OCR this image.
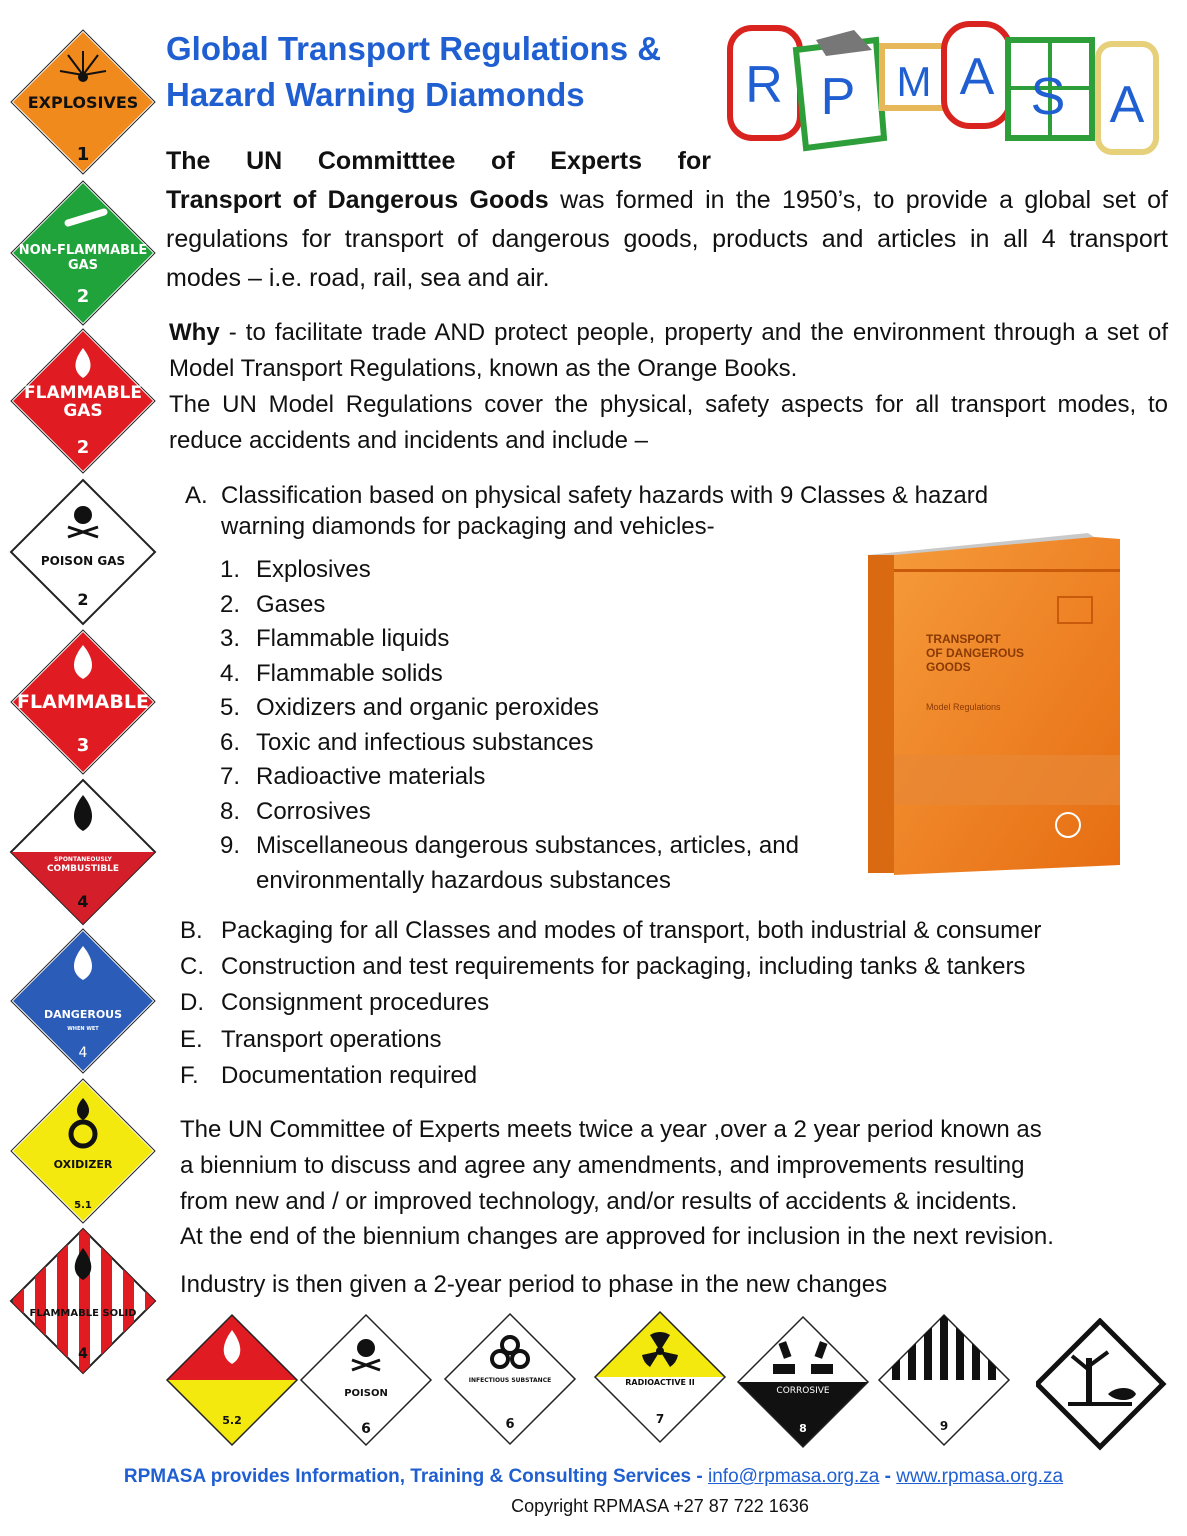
Global Transport Regulations &
Hazard Warning Diamonds	R P M A S A
The UN Committtee of Experts for
Transport of Dangerous Goods was formed in the 1950’s, to provide a global set of regulations for transport of dangerous goods, products and articles in all 4 transport modes – i.e. road, rail, sea and air.
Why - to facilitate trade AND protect people, property and the environment through a set of Model Transport Regulations, known as the Orange Books.
The UN Model Regulations cover the physical, safety aspects for all transport modes, to reduce accidents and incidents and include –
A. Classification based on physical safety hazards with 9 Classes & hazard
warning diamonds for packaging and vehicles-
1. Explosives
2. Gases
3. Flammable liquids
4. Flammable solids
5. Oxidizers and organic peroxides
6. Toxic and infectious substances
7. Radioactive materials
8. Corrosives
9. Miscellaneous dangerous substances, articles, and
environmentally hazardous substances
TRANSPORT
OF DANGEROUS
GOODS
Model Regulations
B. Packaging for all Classes and modes of transport, both industrial & consumer
C. Construction and test requirements for packaging, including tanks & tankers
D. Consignment procedures
E. Transport operations
F. Documentation required
The UN Committee of Experts meets twice a year ,over a 2 year period known as
a biennium to discuss and agree any amendments, and improvements resulting
from new and / or improved technology, and/or results of accidents & incidents.
At the end of the biennium changes are approved for inclusion in the next revision.
Industry is then given a 2-year period to phase in the new changes
EXPLOSIVES
1
NON-FLAMMABLE
GAS
2
FLAMMABLE
GAS
2
POISON GAS
2
FLAMMABLE
3
SPONTANEOUSLY
COMBUSTIBLE
4
DANGEROUS
WHEN WET
4
OXIDIZER
5.1
FLAMMABLE SOLID
4
5.2
POISON
6
INFECTIOUS SUBSTANCE
6
RADIOACTIVE II
7
CORROSIVE
8	9
RPMASA provides Information, Training & Consulting Services - info@rpmasa.org.za - www.rpmasa.org.za
Copyright RPMASA +27 87 722 1636
